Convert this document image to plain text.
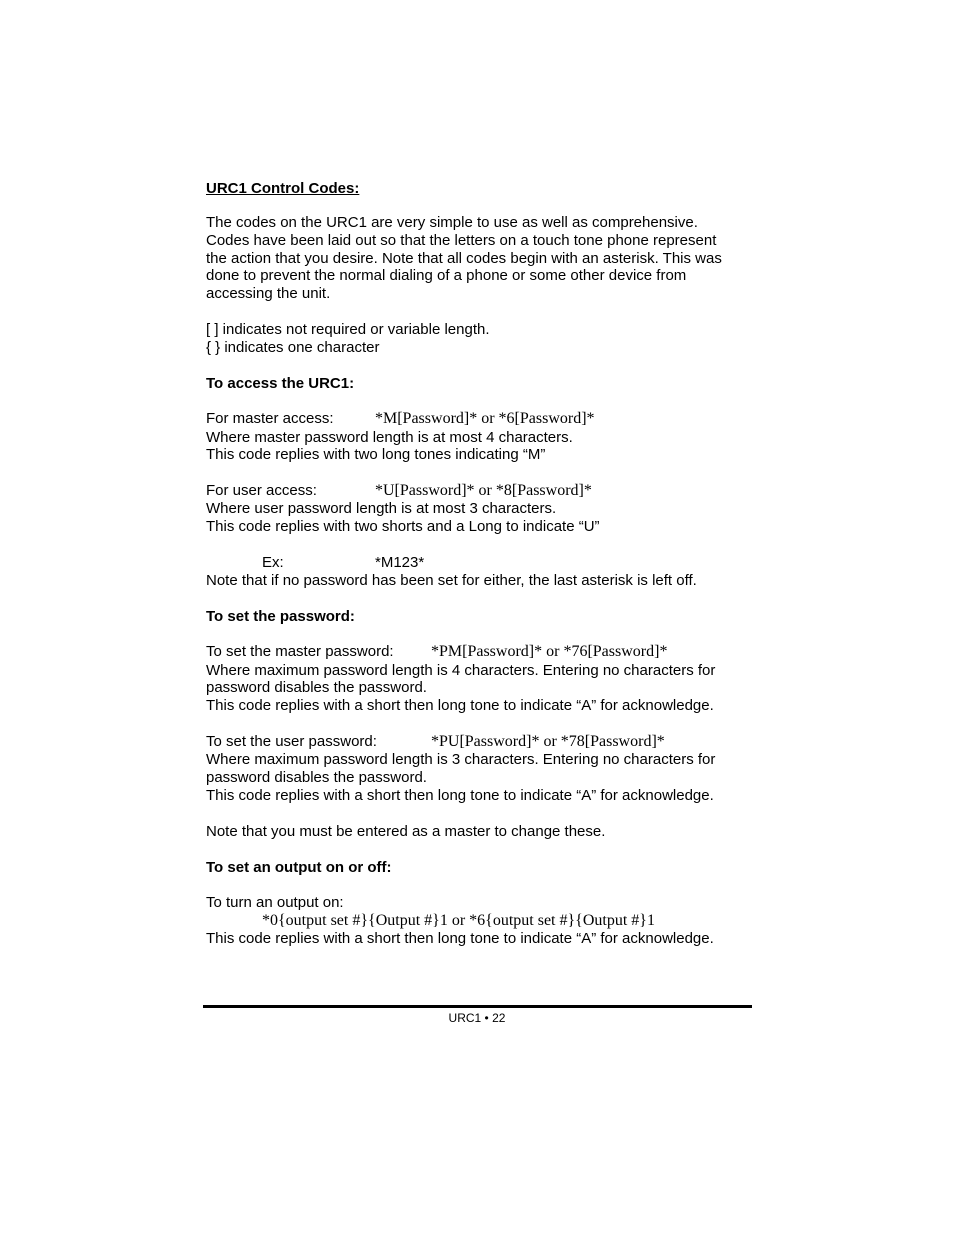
URC1 Control Codes:

The codes on the URC1 are very simple to use as well as comprehensive.

Codes have been laid out so that the letters on a touch tone phone represent

the action that you desire. Note that all codes begin with an asterisk. This was

done to prevent the normal dialing of a phone or some other device from

accessing the unit.

[ ] indicates not required or variable length.

{ } indicates one character

To access the URC1:

For master access:	*M[Password]* or *6[Password]*

Where master password length is at most 4 characters.

This code replies with two long tones indicating “M”

For user access:	*U[Password]* or *8[Password]*

Where user password length is at most 3 characters.

This code replies with two shorts and a Long to indicate “U”

Ex:	*M123*

Note that if no password has been set for either, the last asterisk is left off.

To set the password:

To set the master password: *PM[Password]* or *76[Password]*

Where maximum password length is 4 characters. Entering no characters for

password disables the password.

This code replies with a short then long tone to indicate “A” for acknowledge.

To set the user password:	*PU[Password]* or *78[Password]*

Where maximum password length is 3 characters. Entering no characters for

password disables the password.

This code replies with a short then long tone to indicate “A” for acknowledge.

Note that you must be entered as a master to change these.

To set an output on or off:

To turn an output on:

*0{output set #}{Output #}1 or *6{output set #}{Output #}1

This code replies with a short then long tone to indicate “A” for acknowledge.

URC1 • 22
